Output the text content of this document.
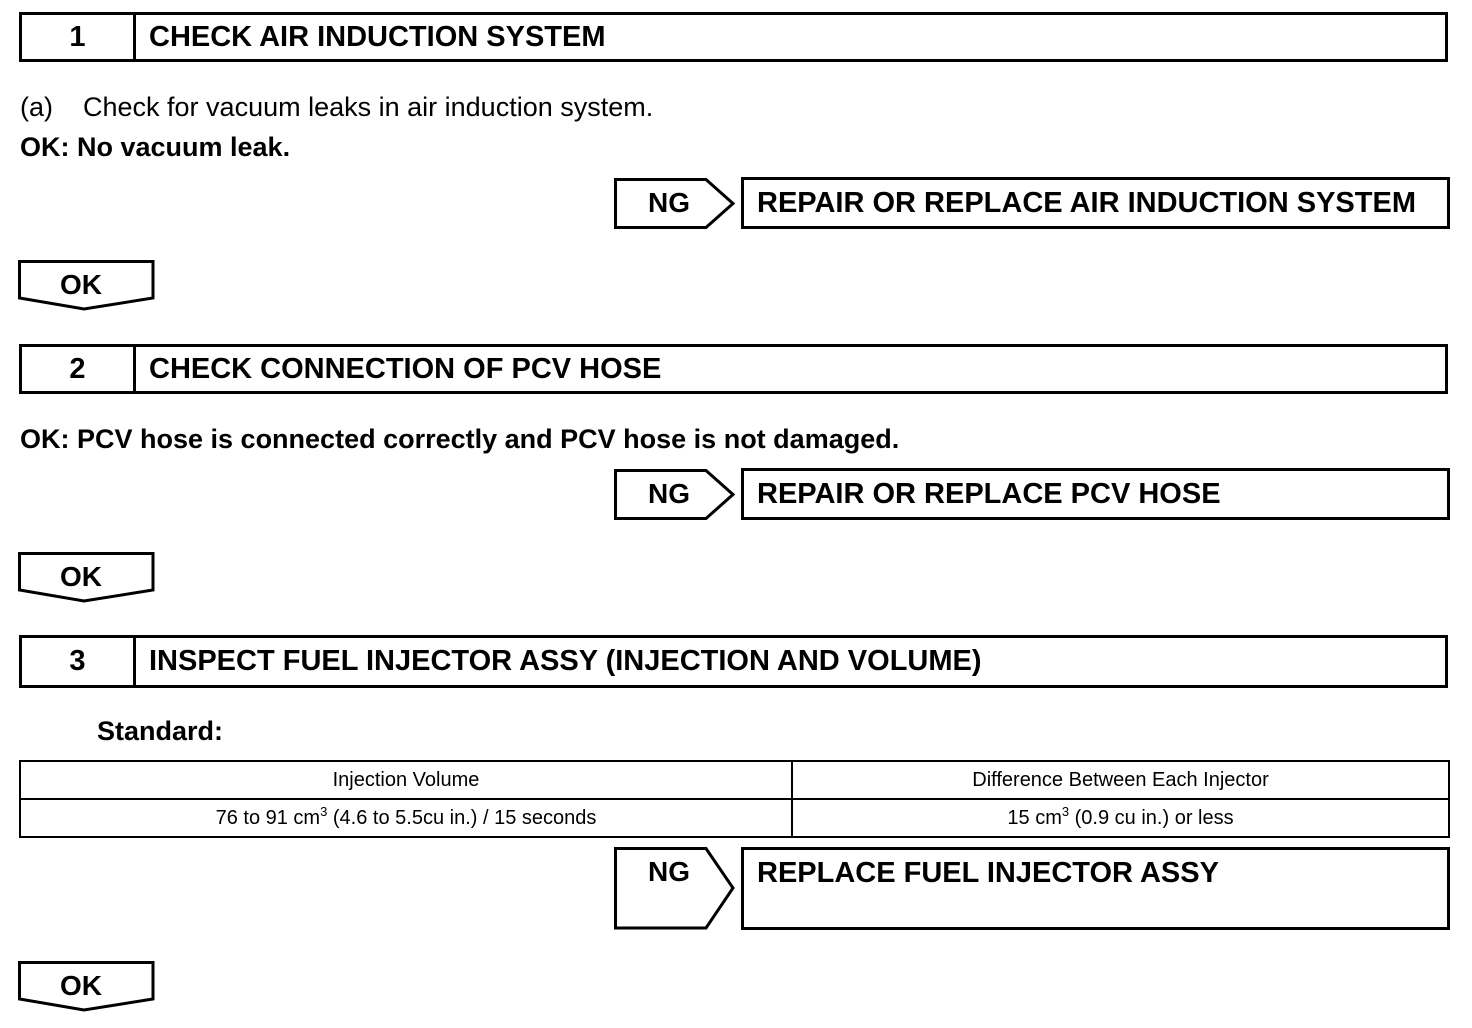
1	CHECK AIR INDUCTION SYSTEM
(a)    Check for vacuum leaks in air induction system.
OK: No vacuum leak.
NG	REPAIR OR REPLACE AIR INDUCTION SYSTEM
OK
2	CHECK CONNECTION OF PCV HOSE
OK: PCV hose is connected correctly and PCV hose is not damaged.
NG	REPAIR OR REPLACE PCV HOSE
OK
3	INSPECT FUEL INJECTOR ASSY (INJECTION AND VOLUME)
Standard:
Injection Volume	Difference Between Each Injector
76 to 91 $cm^3$ (4.6 to 5.5cu in.) / 15 seconds	15 $cm^3$ (0.9 cu in.) or less
NG	REPLACE FUEL INJECTOR ASSY
OK
